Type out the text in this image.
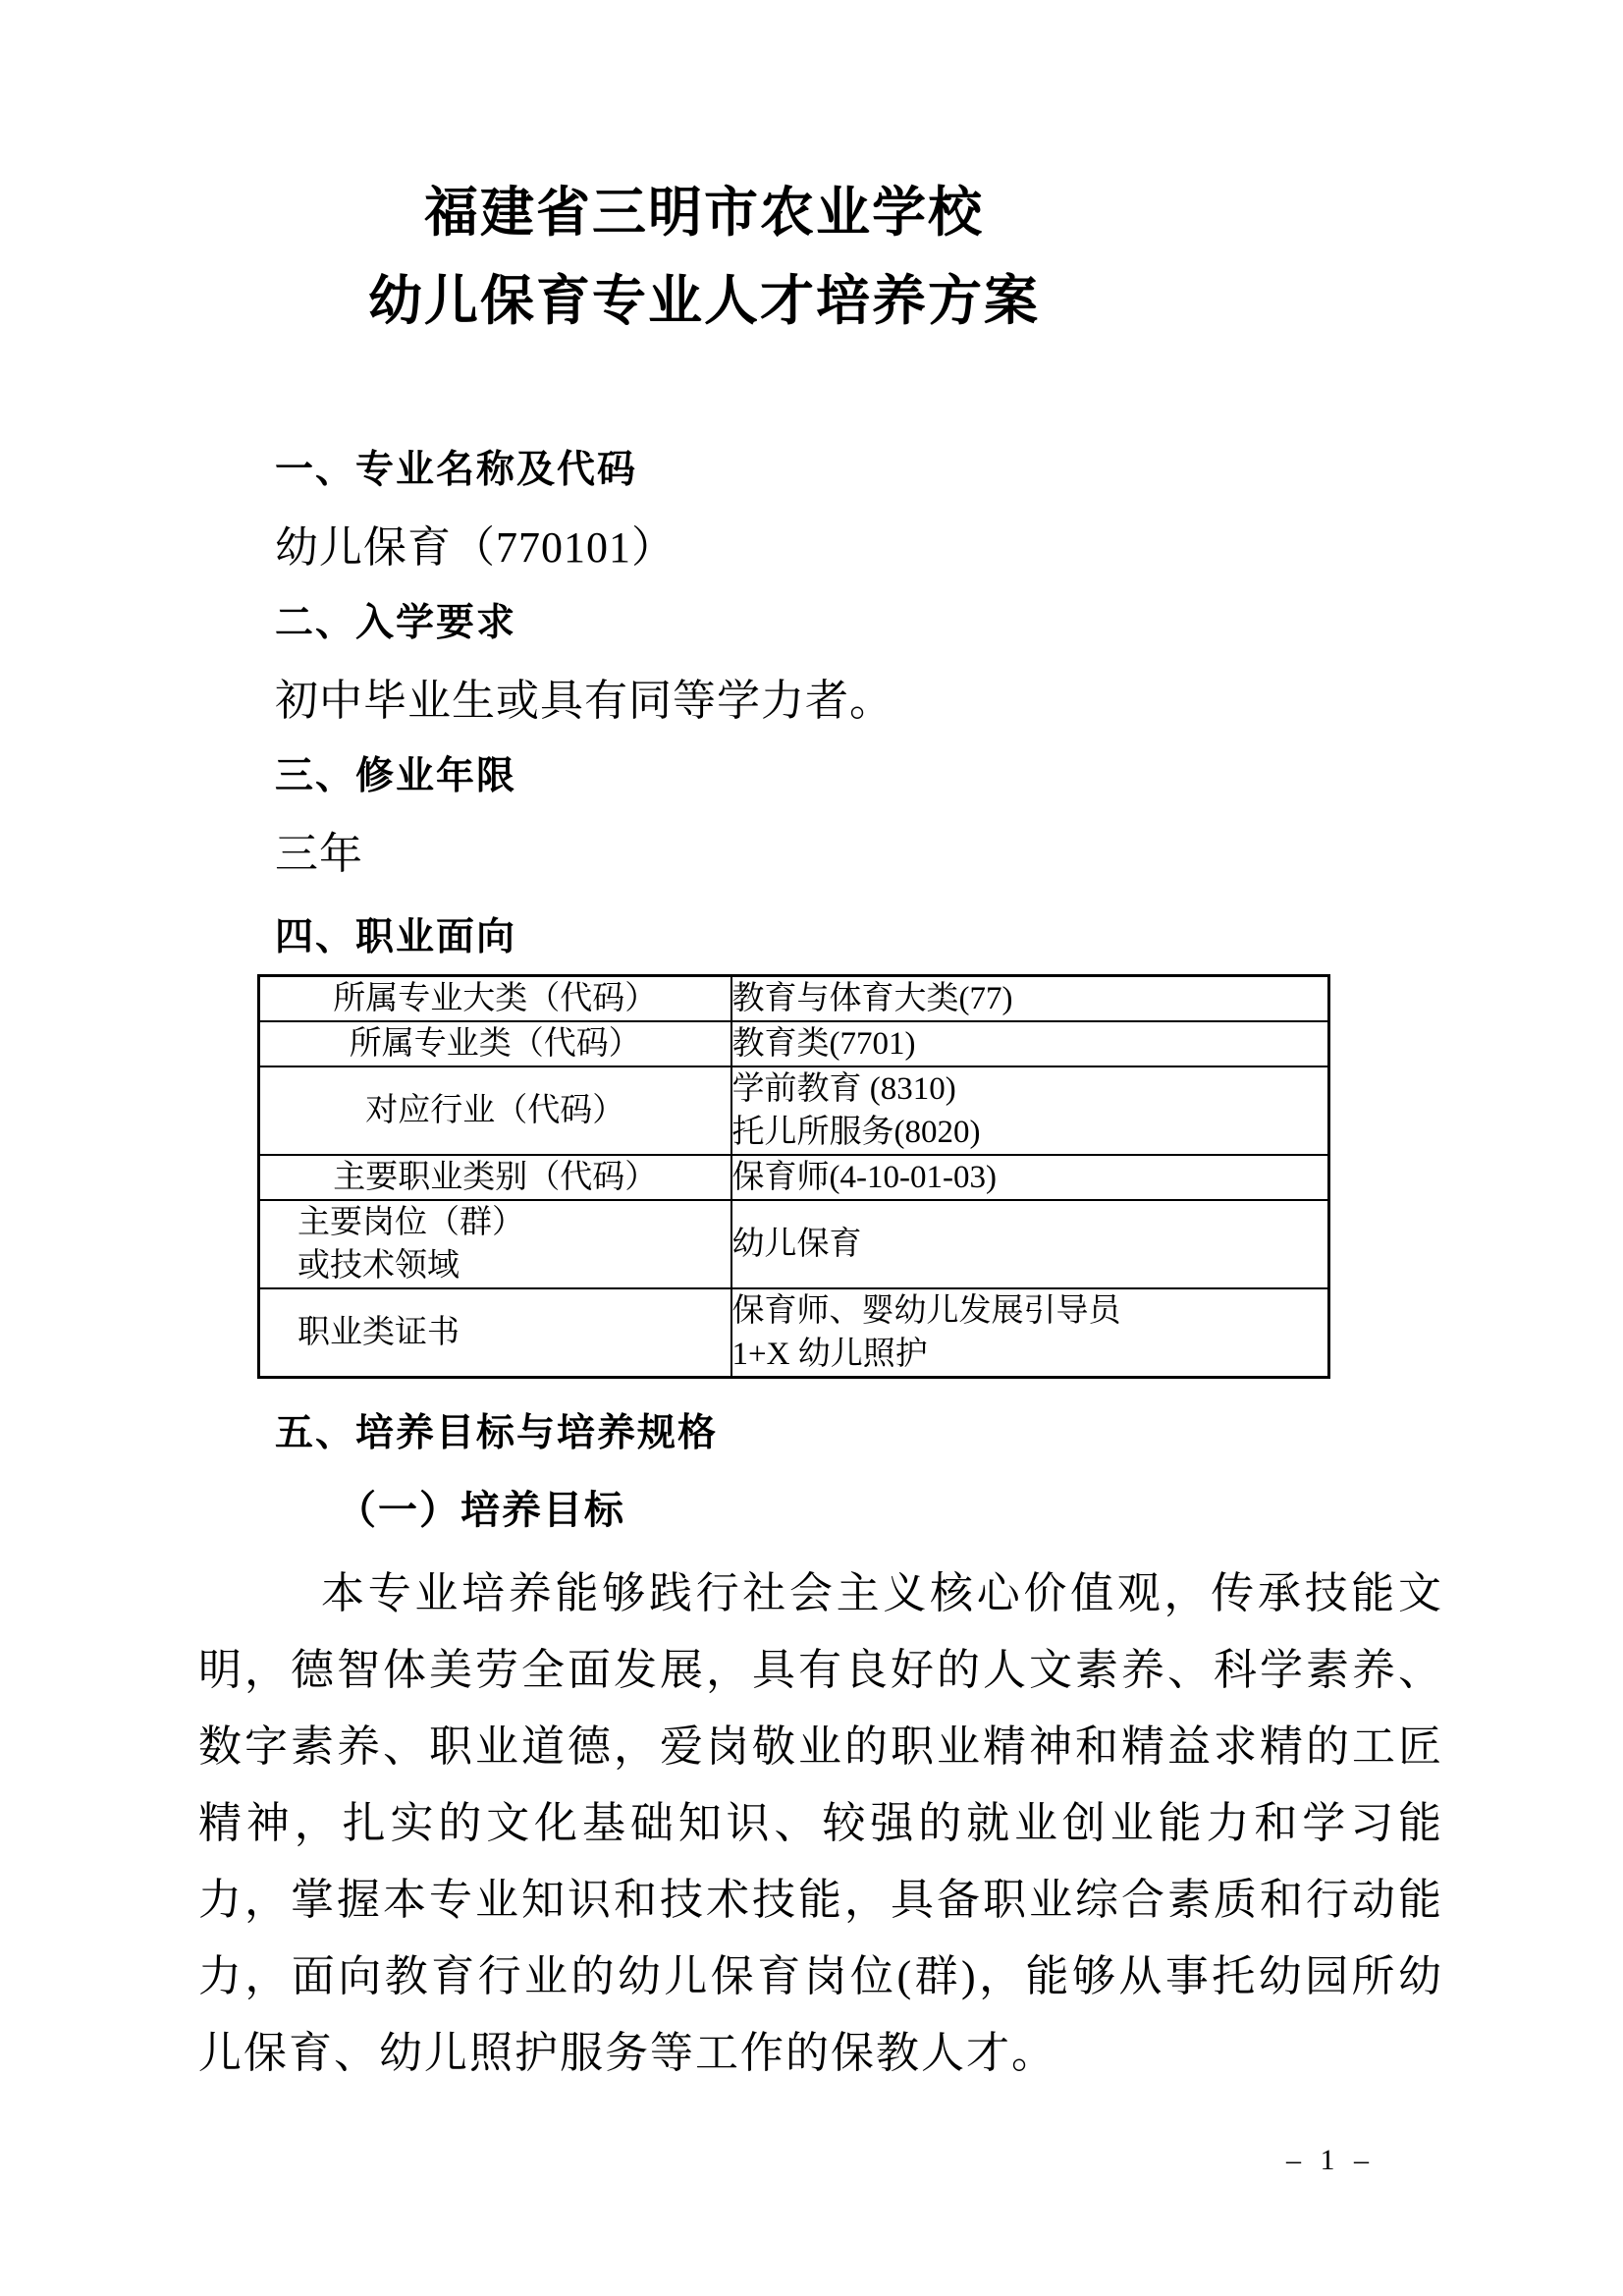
福建省三明市农业学校
幼儿保育专业人才培养方案
一、专业名称及代码
幼儿保育（770101）
二、入学要求
初中毕业生或具有同等学力者。
三、修业年限
三年
四、职业面向
所属专业大类（代码）	教育与体育大类(77)

所属专业类（代码）	教育类(7701)

对应行业（代码）	学前教育 (8310)
托儿所服务(8020)

主要职业类别（代码）	保育师(4-10-01-03)

主要岗位（群）
或技术领域	幼儿保育

职业类证书	保育师、婴幼儿发展引导员
1+X 幼儿照护
五、培养目标与培养规格
（一）培养目标
本专业培养能够践行社会主义核心价值观，传承技能文明，德智体美劳全面发展，具有良好的人文素养、科学素养、数字素养、职业道德，爱岗敬业的职业精神和精益求精的工匠精神，扎实的文化基础知识、较强的就业创业能力和学习能力，掌握本专业知识和技术技能，具备职业综合素质和行动能力，面向教育行业的幼儿保育岗位(群)，能够从事托幼园所幼儿保育、幼儿照护服务等工作的保教人才。
– 1 –
